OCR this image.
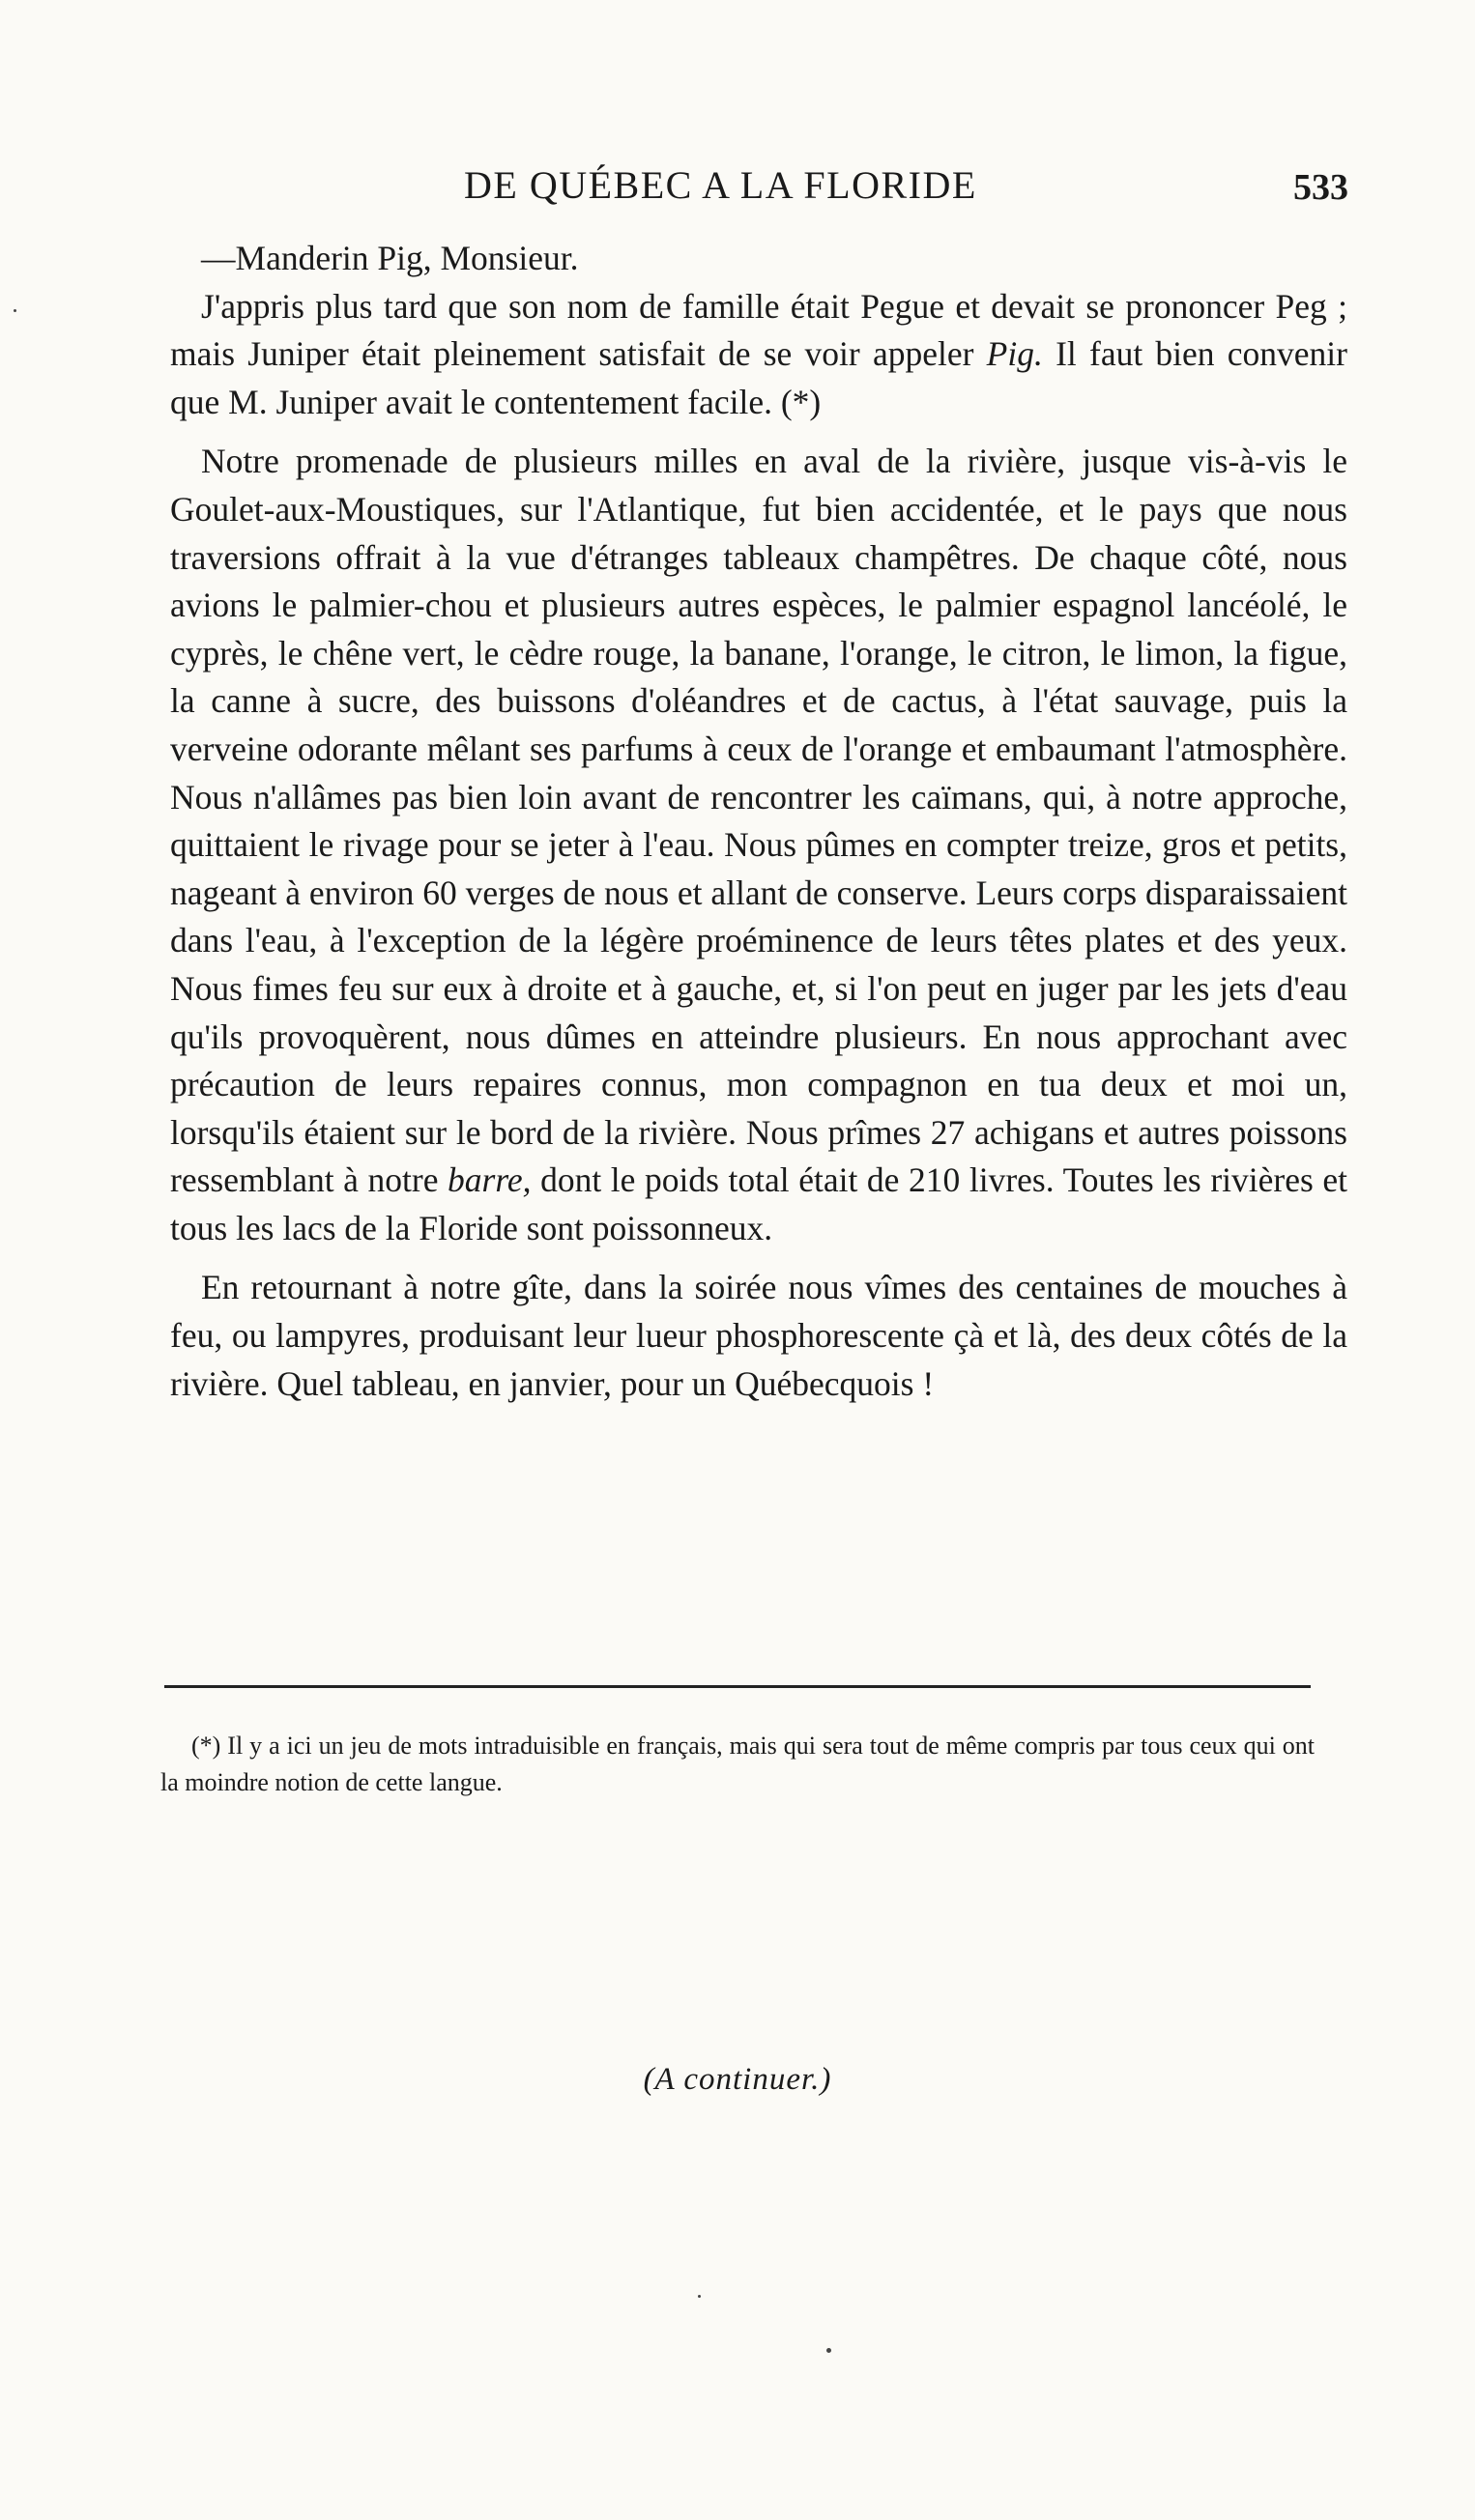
DE QUÉBEC A LA FLORIDE	533

—Manderin Pig, Monsieur.

J'appris plus tard que son nom de famille était Pegue et devait se prononcer Peg ; mais Juniper était pleinement satisfait de se voir appeler Pig. Il faut bien convenir que M. Juniper avait le contentement facile. (*)

Notre promenade de plusieurs milles en aval de la rivière, jusque vis-à-vis le Goulet-aux-Moustiques, sur l'Atlantique, fut bien accidentée, et le pays que nous traversions offrait à la vue d'étranges tableaux champêtres. De chaque côté, nous avions le palmier-chou et plusieurs autres espèces, le palmier espagnol lancéolé, le cyprès, le chêne vert, le cèdre rouge, la banane, l'orange, le citron, le limon, la figue, la canne à sucre, des buissons d'oléandres et de cactus, à l'état sauvage, puis la verveine odorante mêlant ses parfums à ceux de l'orange et embaumant l'atmosphère. Nous n'allâmes pas bien loin avant de rencontrer les caïmans, qui, à notre approche, quittaient le rivage pour se jeter à l'eau. Nous pûmes en compter treize, gros et petits, nageant à environ 60 verges de nous et allant de conserve. Leurs corps disparaissaient dans l'eau, à l'exception de la légère proéminence de leurs têtes plates et des yeux. Nous fimes feu sur eux à droite et à gauche, et, si l'on peut en juger par les jets d'eau qu'ils provoquèrent, nous dûmes en atteindre plusieurs. En nous approchant avec précaution de leurs repaires connus, mon compagnon en tua deux et moi un, lorsqu'ils étaient sur le bord de la rivière. Nous prîmes 27 achigans et autres poissons ressemblant à notre barre, dont le poids total était de 210 livres. Toutes les rivières et tous les lacs de la Floride sont poissonneux.

En retournant à notre gîte, dans la soirée nous vîmes des centaines de mouches à feu, ou lampyres, produisant leur lueur phosphorescente çà et là, des deux côtés de la rivière. Quel tableau, en janvier, pour un Québecquois !

(*) Il y a ici un jeu de mots intraduisible en français, mais qui sera tout de même compris par tous ceux qui ont la moindre notion de cette langue.
(A continuer.)
